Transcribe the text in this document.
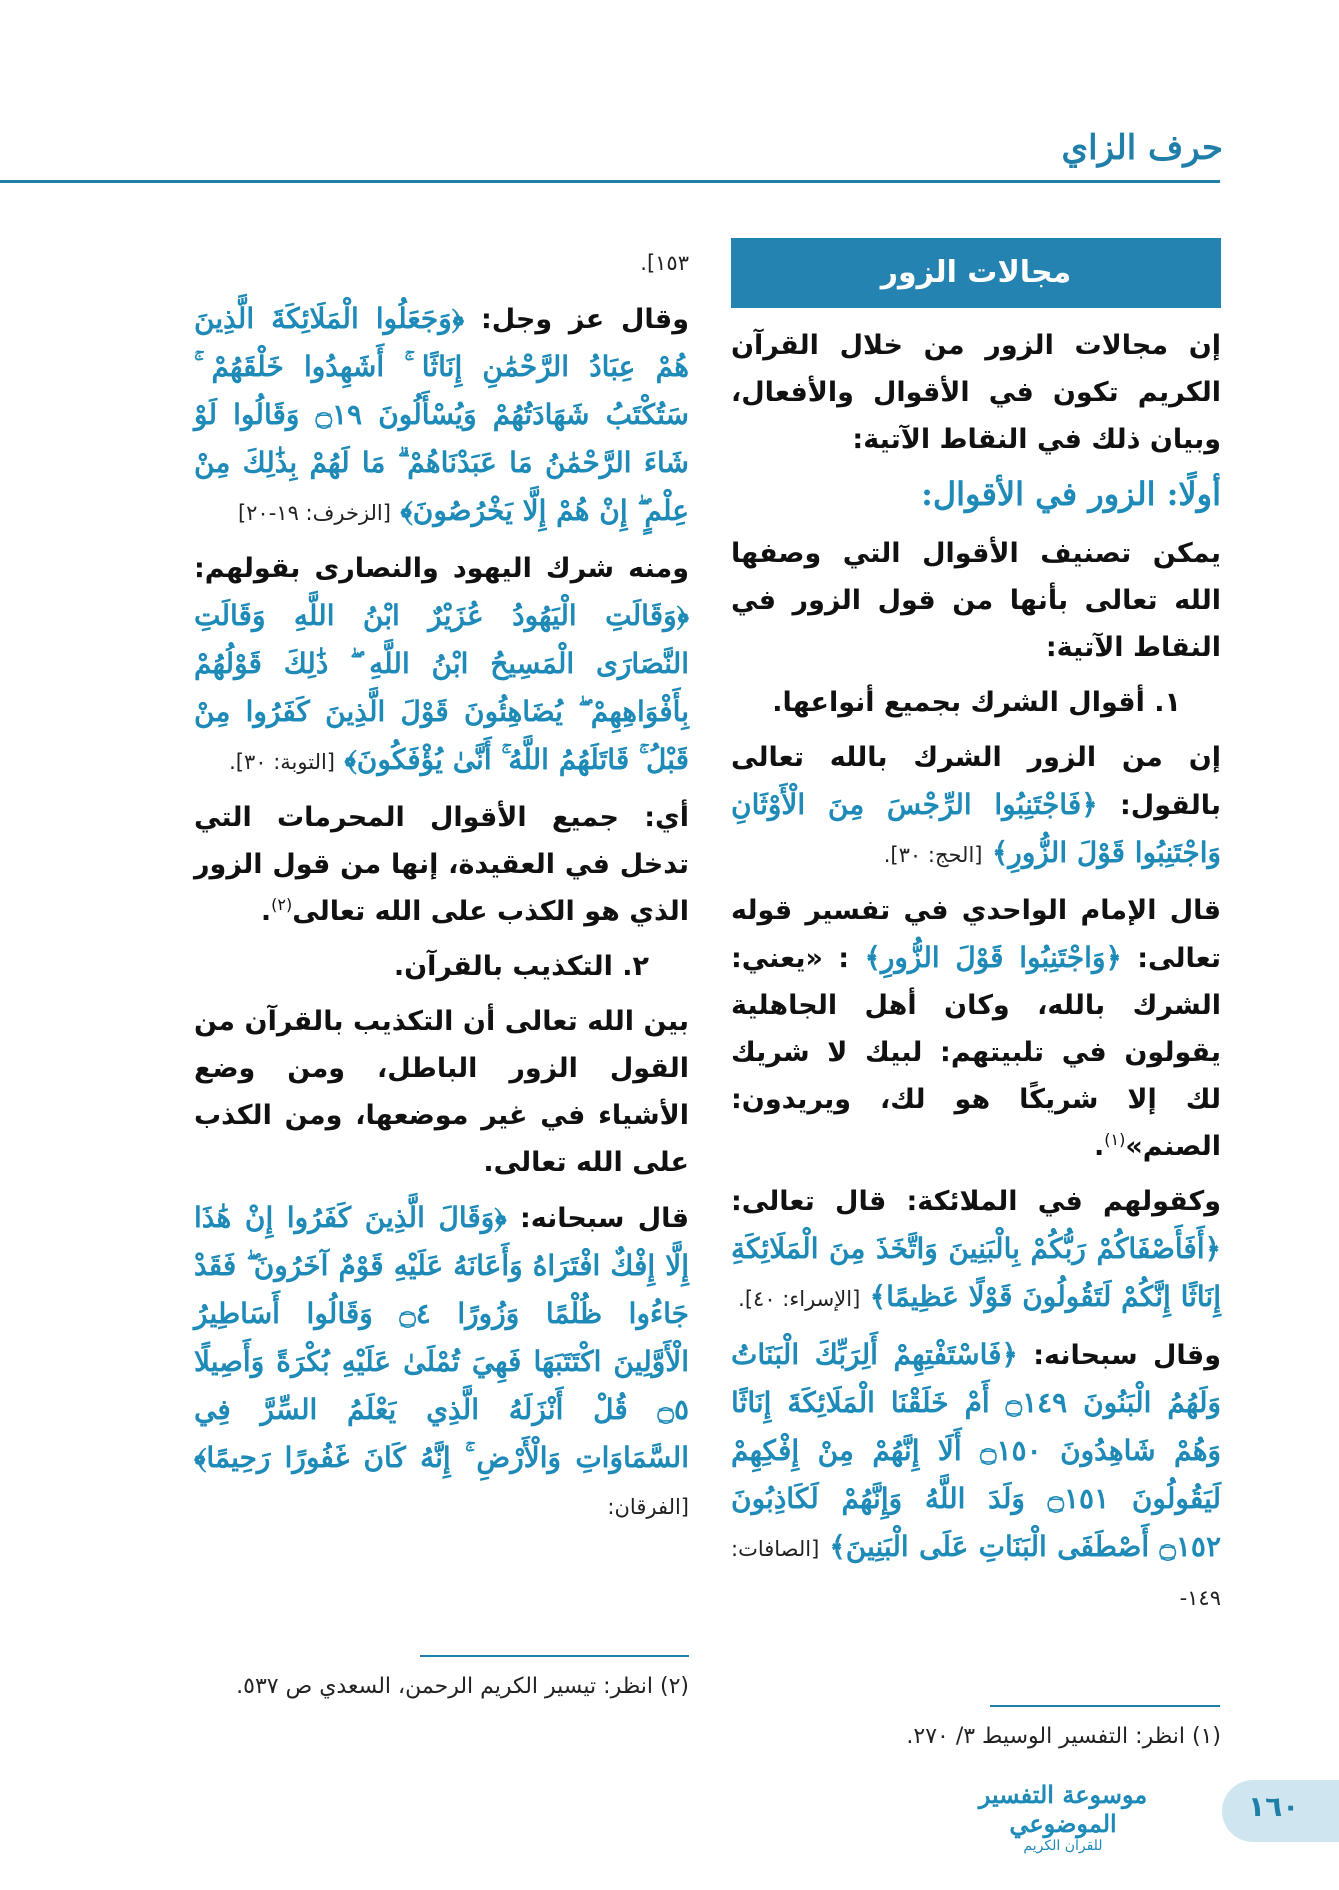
حرف الزاي
مجالات الزور

إن مجالات الزور من خلال القرآن الكريم تكون في الأقوال والأفعال، وبيان ذلك في النقاط الآتية:

أولًا: الزور في الأقوال:

يمكن تصنيف الأقوال التي وصفها الله تعالى بأنها من قول الزور في النقاط الآتية:

١. أقوال الشرك بجميع أنواعها.

إن من الزور الشرك بالله تعالى بالقول: ﴿فَاجْتَنِبُوا الرِّجْسَ مِنَ الْأَوْثَانِ وَاجْتَنِبُوا قَوْلَ الزُّورِ﴾ [الحج: ٣٠].

قال الإمام الواحدي في تفسير قوله تعالى: ﴿وَاجْتَنِبُوا قَوْلَ الزُّورِ﴾ : «يعني: الشرك بالله، وكان أهل الجاهلية يقولون في تلبيتهم: لبيك لا شريك لك إلا شريكًا هو لك، ويريدون: الصنم»$^{(١)}$.

وكقولهم في الملائكة: قال تعالى: ﴿أَفَأَصْفَاكُمْ رَبُّكُمْ بِالْبَنِينَ وَاتَّخَذَ مِنَ الْمَلَائِكَةِ إِنَاثًا إِنَّكُمْ لَتَقُولُونَ قَوْلًا عَظِيمًا﴾ [الإسراء: ٤٠].

وقال سبحانه: ﴿فَاسْتَفْتِهِمْ أَلِرَبِّكَ الْبَنَاتُ وَلَهُمُ الْبَنُونَ ۝١٤٩ أَمْ خَلَقْنَا الْمَلَائِكَةَ إِنَاثًا وَهُمْ شَاهِدُونَ ۝١٥٠ أَلَا إِنَّهُمْ مِنْ إِفْكِهِمْ لَيَقُولُونَ ۝١٥١ وَلَدَ اللَّهُ وَإِنَّهُمْ لَكَاذِبُونَ ۝١٥٢ أَصْطَفَى الْبَنَاتِ عَلَى الْبَنِينَ﴾ [الصافات: ١٤٩-

١٥٣].

وقال عز وجل: ﴿وَجَعَلُوا الْمَلَائِكَةَ الَّذِينَ هُمْ عِبَادُ الرَّحْمَٰنِ إِنَاثًا ۚ أَشَهِدُوا خَلْقَهُمْ ۚ سَتُكْتَبُ شَهَادَتُهُمْ وَيُسْأَلُونَ ۝١٩ وَقَالُوا لَوْ شَاءَ الرَّحْمَٰنُ مَا عَبَدْنَاهُمْ ۗ مَا لَهُمْ بِذَٰلِكَ مِنْ عِلْمٍ ۖ إِنْ هُمْ إِلَّا يَخْرُصُونَ﴾ [الزخرف: ١٩-٢٠]

ومنه شرك اليهود والنصارى بقولهم: ﴿وَقَالَتِ الْيَهُودُ عُزَيْرٌ ابْنُ اللَّهِ وَقَالَتِ النَّصَارَى الْمَسِيحُ ابْنُ اللَّهِ ۖ ذَٰلِكَ قَوْلُهُمْ بِأَفْوَاهِهِمْ ۖ يُضَاهِئُونَ قَوْلَ الَّذِينَ كَفَرُوا مِنْ قَبْلُ ۚ قَاتَلَهُمُ اللَّهُ ۚ أَنَّىٰ يُؤْفَكُونَ﴾ [التوبة: ٣٠].

أي: جميع الأقوال المحرمات التي تدخل في العقيدة، إنها من قول الزور الذي هو الكذب على الله تعالى$^{(٢)}$.

٢. التكذيب بالقرآن.

بين الله تعالى أن التكذيب بالقرآن من القول الزور الباطل، ومن وضع الأشياء في غير موضعها، ومن الكذب على الله تعالى.

قال سبحانه: ﴿وَقَالَ الَّذِينَ كَفَرُوا إِنْ هَٰذَا إِلَّا إِفْكٌ افْتَرَاهُ وَأَعَانَهُ عَلَيْهِ قَوْمٌ آخَرُونَ ۖ فَقَدْ جَاءُوا ظُلْمًا وَزُورًا ۝٤ وَقَالُوا أَسَاطِيرُ الْأَوَّلِينَ اكْتَتَبَهَا فَهِيَ تُمْلَىٰ عَلَيْهِ بُكْرَةً وَأَصِيلًا ۝٥ قُلْ أَنْزَلَهُ الَّذِي يَعْلَمُ السِّرَّ فِي السَّمَاوَاتِ وَالْأَرْضِ ۚ إِنَّهُ كَانَ غَفُورًا رَحِيمًا﴾ [الفرقان:

(١) انظر: التفسير الوسيط ٣/ ٢٧٠.
(٢) انظر: تيسير الكريم الرحمن، السعدي ص ٥٣٧.
١٦٠
موسوعة التفسير الموضوعي
للقرآن الكريم
